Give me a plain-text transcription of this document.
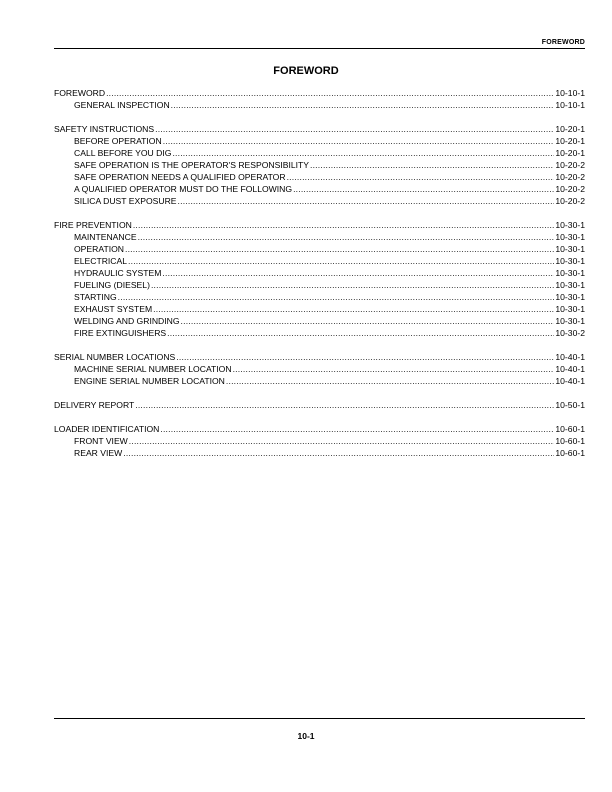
FOREWORD
FOREWORD
FOREWORD .....	10-10-1
GENERAL INSPECTION .....	10-10-1
SAFETY INSTRUCTIONS .....	10-20-1
BEFORE OPERATION .....	10-20-1
CALL BEFORE YOU DIG .....	10-20-1
SAFE OPERATION IS THE OPERATOR'S RESPONSIBILITY .....	10-20-2
SAFE OPERATION NEEDS A QUALIFIED OPERATOR .....	10-20-2
A QUALIFIED OPERATOR MUST DO THE FOLLOWING .....	10-20-2
SILICA DUST EXPOSURE .....	10-20-2
FIRE PREVENTION .....	10-30-1
MAINTENANCE .....	10-30-1
OPERATION .....	10-30-1
ELECTRICAL .....	10-30-1
HYDRAULIC SYSTEM .....	10-30-1
FUELING (DIESEL) .....	10-30-1
STARTING .....	10-30-1
EXHAUST SYSTEM .....	10-30-1
WELDING AND GRINDING .....	10-30-1
FIRE EXTINGUISHERS .....	10-30-2
SERIAL NUMBER LOCATIONS .....	10-40-1
MACHINE SERIAL NUMBER LOCATION .....	10-40-1
ENGINE SERIAL NUMBER LOCATION .....	10-40-1
DELIVERY REPORT .....	10-50-1
LOADER IDENTIFICATION .....	10-60-1
FRONT VIEW .....	10-60-1
REAR VIEW .....	10-60-1
10-1
